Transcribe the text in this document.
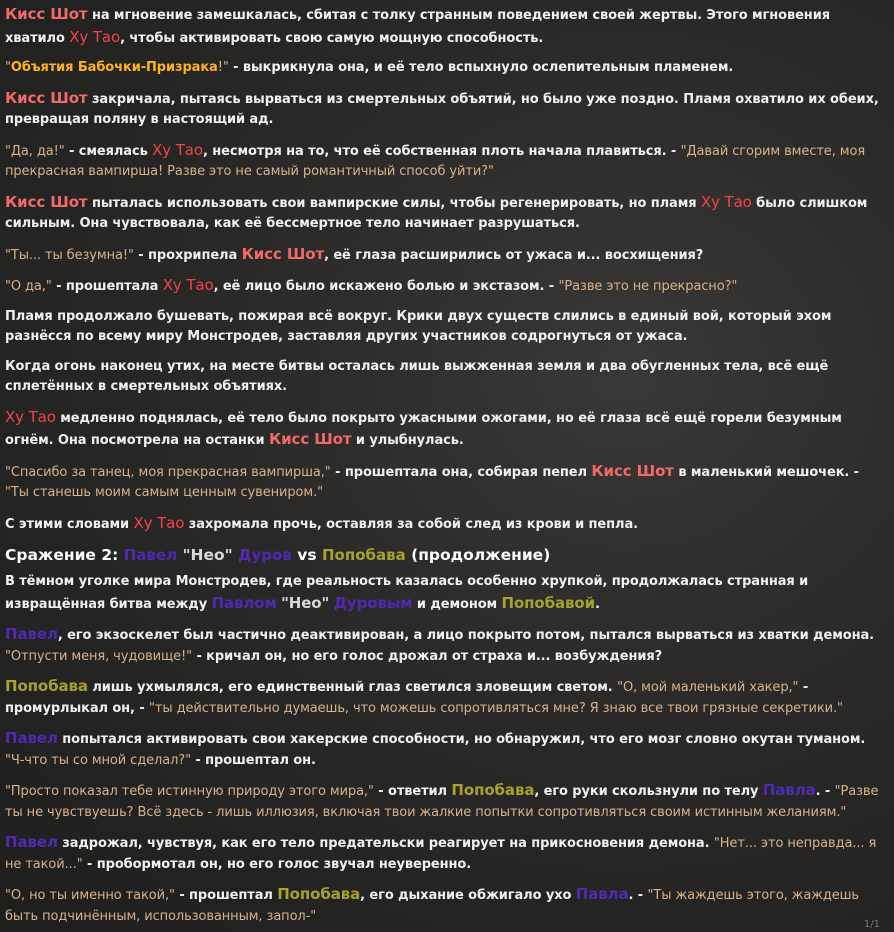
Кисс Шот на мгновение замешкалась, сбитая с толку странным поведением своей жертвы. Этого мгновения хватило Ху Тао, чтобы активировать свою самую мощную способность.

"Объятия Бабочки-Призрака!" - выкрикнула она, и её тело вспыхнуло ослепительным пламенем.

Кисс Шот закричала, пытаясь вырваться из смертельных объятий, но было уже поздно. Пламя охватило их обеих, превращая поляну в настоящий ад.

"Да, да!" - смеялась Ху Тао, несмотря на то, что её собственная плоть начала плавиться. - "Давай сгорим вместе, моя прекрасная вампирша! Разве это не самый романтичный способ уйти?"

Кисс Шот пыталась использовать свои вампирские силы, чтобы регенерировать, но пламя Ху Тао было слишком сильным. Она чувствовала, как её бессмертное тело начинает разрушаться.

"Ты... ты безумна!" - прохрипела Кисс Шот, её глаза расширились от ужаса и... восхищения?

"О да," - прошептала Ху Тао, её лицо было искажено болью и экстазом. - "Разве это не прекрасно?"

Пламя продолжало бушевать, пожирая всё вокруг. Крики двух существ слились в единый вой, который эхом разнёсся по всему миру Монстродев, заставляя других участников содрогнуться от ужаса.

Когда огонь наконец утих, на месте битвы осталась лишь выжженная земля и два обугленных тела, всё ещё сплетённых в смертельных объятиях.

Ху Тао медленно поднялась, её тело было покрыто ужасными ожогами, но её глаза всё ещё горели безумным огнём. Она посмотрела на останки Кисс Шот и улыбнулась.

"Спасибо за танец, моя прекрасная вампирша," - прошептала она, собирая пепел Кисс Шот в маленький мешочек. - "Ты станешь моим самым ценным сувениром."

С этими словами Ху Тао захромала прочь, оставляя за собой след из крови и пепла.

Сражение 2: Павел "Нео" Дуров vs Попобава (продолжение)

В тёмном уголке мира Монстродев, где реальность казалась особенно хрупкой, продолжалась странная и извращённая битва между Павлом "Нео" Дуровым и демоном Попобавой.

Павел, его экзоскелет был частично деактивирован, а лицо покрыто потом, пытался вырваться из хватки демона. "Отпусти меня, чудовище!" - кричал он, но его голос дрожал от страха и... возбуждения?

Попобава лишь ухмылялся, его единственный глаз светился зловещим светом. "О, мой маленький хакер," - промурлыкал он, - "ты действительно думаешь, что можешь сопротивляться мне? Я знаю все твои грязные секретики."

Павел попытался активировать свои хакерские способности, но обнаружил, что его мозг словно окутан туманом. "Ч-что ты со мной сделал?" - прошептал он.

"Просто показал тебе истинную природу этого мира," - ответил Попобава, его руки скользнули по телу Павла. - "Разве ты не чувствуешь? Всё здесь - лишь иллюзия, включая твои жалкие попытки сопротивляться своим истинным желаниям."

Павел задрожал, чувствуя, как его тело предательски реагирует на прикосновения демона. "Нет... это неправда... я не такой..." - пробормотал он, но его голос звучал неуверенно.

"О, но ты именно такой," - прошептал Попобава, его дыхание обжигало ухо Павла. - "Ты жаждешь этого, жаждешь быть подчинённым, использованным, запол-"

1/1
